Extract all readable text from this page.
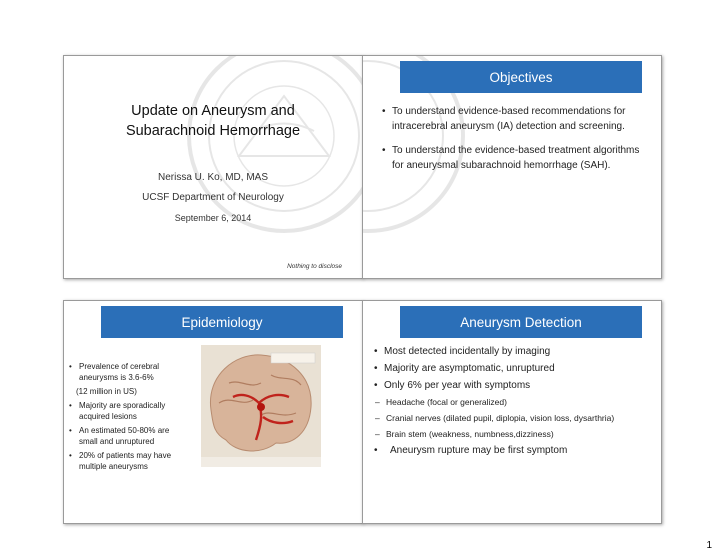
Update on Aneurysm and
Subarachnoid Hemorrhage
Nerissa U. Ko, MD, MAS
UCSF Department of Neurology
September 6, 2014
Nothing to disclose
Objectives
• To understand evidence-based recommendations for intracerebral aneurysm (IA) detection and screening.
• To understand the evidence-based treatment algorithms for aneurysmal subarachnoid hemorrhage (SAH).
Epidemiology
• Prevalence of cerebral aneurysms is 3.6-6%
(12 million in US)
• Majority are sporadically acquired lesions
• An estimated 50-80% are small and unruptured
• 20% of patients may have multiple aneurysms
Aneurysm Detection
• Most detected incidentally by imaging
• Majority are asymptomatic, unruptured
• Only 6% per year with symptoms
– Headache (focal or generalized)
– Cranial nerves (dilated pupil, diplopia, vision loss, dysarthria)
– Brain stem (weakness, numbness,dizziness)
• Aneurysm rupture may be first symptom
1
